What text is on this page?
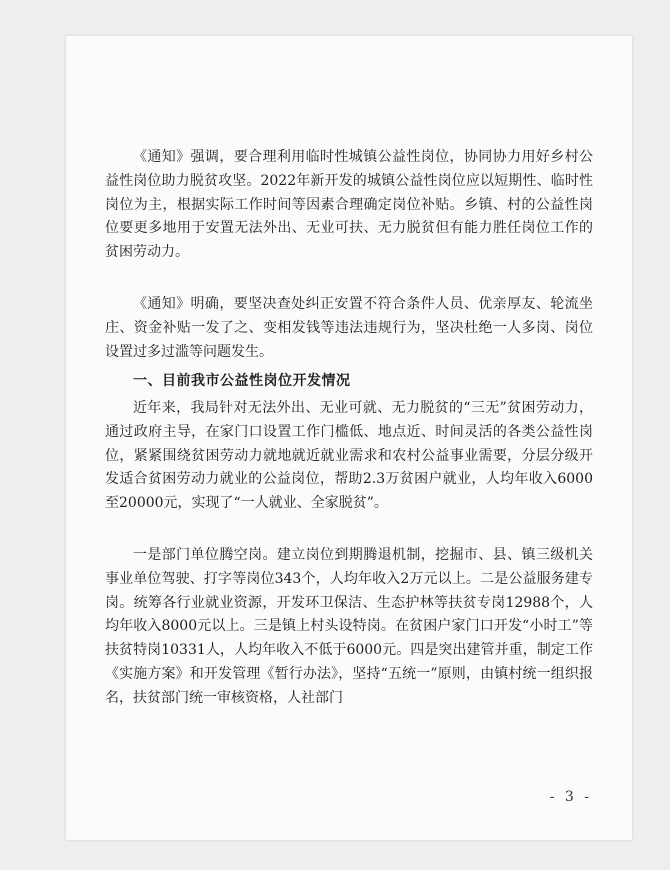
《通知》强调，要合理利用临时性城镇公益性岗位，协同协力用好乡村公益性岗位助力脱贫攻坚。2022年新开发的城镇公益性岗位应以短期性、临时性岗位为主，根据实际工作时间等因素合理确定岗位补贴。乡镇、村的公益性岗位要更多地用于安置无法外出、无业可扶、无力脱贫但有能力胜任岗位工作的贫困劳动力。

《通知》明确，要坚决查处纠正安置不符合条件人员、优亲厚友、轮流坐庄、资金补贴一发了之、变相发钱等违法违规行为，坚决杜绝一人多岗、岗位设置过多过滥等问题发生。

一、目前我市公益性岗位开发情况

近年来，我局针对无法外出、无业可就、无力脱贫的“三无”贫困劳动力，通过政府主导，在家门口设置工作门槛低、地点近、时间灵活的各类公益性岗位，紧紧围绕贫困劳动力就地就近就业需求和农村公益事业需要，分层分级开发适合贫困劳动力就业的公益岗位，帮助2.3万贫困户就业，人均年收入6000至20000元，实现了“一人就业、全家脱贫”。

一是部门单位腾空岗。建立岗位到期腾退机制，挖掘市、县、镇三级机关事业单位驾驶、打字等岗位343个，人均年收入2万元以上。二是公益服务建专岗。统筹各行业就业资源，开发环卫保洁、生态护林等扶贫专岗12988个，人均年收入8000元以上。三是镇上村头设特岗。在贫困户家门口开发“小时工”等扶贫特岗10331人，人均年收入不低于6000元。四是突出建管并重，制定工作《实施方案》和开发管理《暂行办法》，坚持“五统一”原则，由镇村统一组织报名，扶贫部门统一审核资格，人社部门

- 3 -
